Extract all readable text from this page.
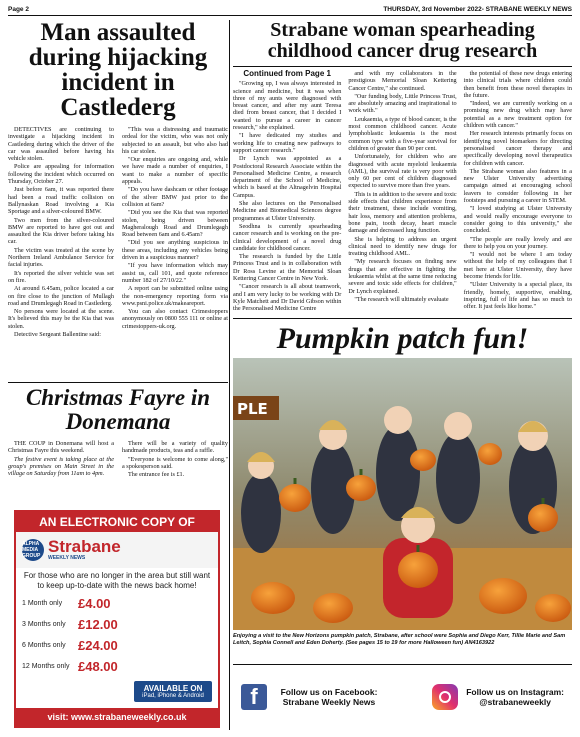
Page 2	THURSDAY, 3rd November 2022- STRABANE WEEKLY NEWS
Man assaulted during hijacking incident in Castlederg

DETECTIVES are continuing to investigate a hijacking incident in Castlederg during which the driver of the car was assaulted before having his vehicle stolen.

Police are appealing for information following the incident which occurred on Thursday, October 27.

Just before 6am, it was reported there had been a road traffic collision on Ballynaskan Road involving a Kia Sportage and a silver-coloured BMW.

Two men from the silver-coloured BMW are reported to have got out and assaulted the Kia driver before taking his car.

The victim was treated at the scene by Northern Ireland Ambulance Service for facial injuries.

It's reported the silver vehicle was set on fire.

At around 6.45am, police located a car on fire close to the junction of Mullagh road and Drumlegagh Road in Castlederg.

No persons were located at the scene. It's believed this may be the Kia that was stolen.

Detective Sergeant Ballentine said:

"This was a distressing and traumatic ordeal for the victim, who was not only subjected to an assault, but who also had his car stolen.

"Our enquiries are ongoing and, while we have made a number of enquiries, I want to make a number of specific appeals.

"Do you have dashcam or other footage of the silver BMW just prior to the collision at 6am?

"Did you see the Kia that was reported stolen, being driven between Magheralough Road and Drumlegagh Road between 6am and 6.45am?

"Did you see anything suspicious in these areas, including any vehicles being driven in a suspicious manner?

"If you have information which may assist us, call 101, and quote reference number 182 of 27/10/22."

A report can be submitted online using the non-emergency reporting form via www.psni.police.uk/makeareport.

You can also contact Crimestoppers anonymously on 0800 555 111 or online at crimestoppers-uk.org.

Strabane woman spearheading childhood cancer drug research
Continued from Page 1

"Growing up, I was always interested in science and medicine, but it was when three of my aunts were diagnosed with breast cancer, and after my aunt Teresa died from breast cancer, that I decided I wanted to pursue a career in cancer research," she explained.

"I have dedicated my studies and working life to creating new pathways to support cancer research."

Dr Lynch was appointed as a Postdoctoral Research Associate within the Personalised Medicine Centre, a research department of the School of Medicine, which is based at the Altnagelvin Hospital Campus.

She also lectures on the Personalised Medicine and Biomedical Sciences degree programmes at Ulster University.

Seodhna is currently spearheading cancer research and is working on the pre-clinical development of a novel drug candidate for childhood cancer.

The research is funded by the Little Princess Trust and is in collaboration with Dr Ross Levine at the Memorial Sloan Kettering Cancer Centre in New York.

"Cancer research is all about teamwork, and I am very lucky to be working with Dr Kyle Matchett and Dr David Gibson within the Personalised Medicine Centre

and with my collaborators in the prestigious Memorial Sloan Kettering Cancer Centre," she continued.

"Our funding body, Little Princess Trust, are absolutely amazing and inspirational to work with."

Leukaemia, a type of blood cancer, is the most common childhood cancer. Acute lymphoblastic leukaemia is the most common type with a five-year survival for children of greater than 90 per cent.

Unfortunately, for children who are diagnosed with acute myeloid leukaemia (AML), the survival rate is very poor with only 60 per cent of children diagnosed expected to survive more than five years.

This is in addition to the severe and toxic side effects that children experience from their treatment, these include vomiting, hair loss, memory and attention problems, bone pain, tooth decay, heart muscle damage and decreased lung function.

She is helping to address an urgent clinical need to identify new drugs for treating childhood AML.

"My research focuses on finding new drugs that are effective in fighting the leukaemia whilst at the same time reducing severe and toxic side effects for children," Dr Lynch explained.

"The research will ultimately evaluate

the potential of these new drugs entering into clinical trials where children could then benefit from these novel therapies in the future.

"Indeed, we are currently working on a promising new drug which may have potential as a new treatment option for children with cancer."

Her research interests primarily focus on identifying novel biomarkers for directing personalised cancer therapy and specifically developing novel therapeutics for children with cancer.

The Strabane woman also features in a new Ulster University advertising campaign aimed at encouraging school leavers to consider following in her footsteps and pursuing a career in STEM.

"I loved studying at Ulster University and would really encourage everyone to consider going to this university," she concluded.

"The people are really lovely and are there to help you on your journey.

"I would not be where I am today without the help of my colleagues that I met here at Ulster University, they have become friends for life.

"Ulster University is a special place, its friendly, homely, supportive, enabling, inspiring, full of life and has so much to offer. It just feels like home."

Christmas Fayre in Donemana

THE COUP in Donemana will host a Christmas Fayre this weekend.

The festive event is taking place at the group's premises on Main Street in the village on Saturday from 11am to 4pm.

There will be a variety of quality handmade products, teas and a raffle.

"Everyone is welcome to come along," a spokesperson said.

The entrance fee is £1.

AN ELECTRONIC COPY OF
ALPHA MEDIA GROUP Strabane
WEEKLY NEWS
For those who are no longer in the area but still want to keep up-to-date with the news back home!
1 Month only	£4.00
3 Months only £12.00
6 Months only £24.00
12 Months only £48.00
AVAILABLE ON
iPad, iPhone & Android
visit: www.strabaneweekly.co.uk
Pumpkin patch fun!
PLE
Enjoying a visit to the New Horizons pumpkin patch, Strabane, after school were Sophia and Diego Kerr, Tillie Marie and Sam Leitch, Sophia Connell and Eden Doherty. (See pages 15 to 19 for more Halloween fun) AN4163922
f	Follow us on Facebook: Strabane Weekly News
Follow us on Instagram:
@strabaneweekly
